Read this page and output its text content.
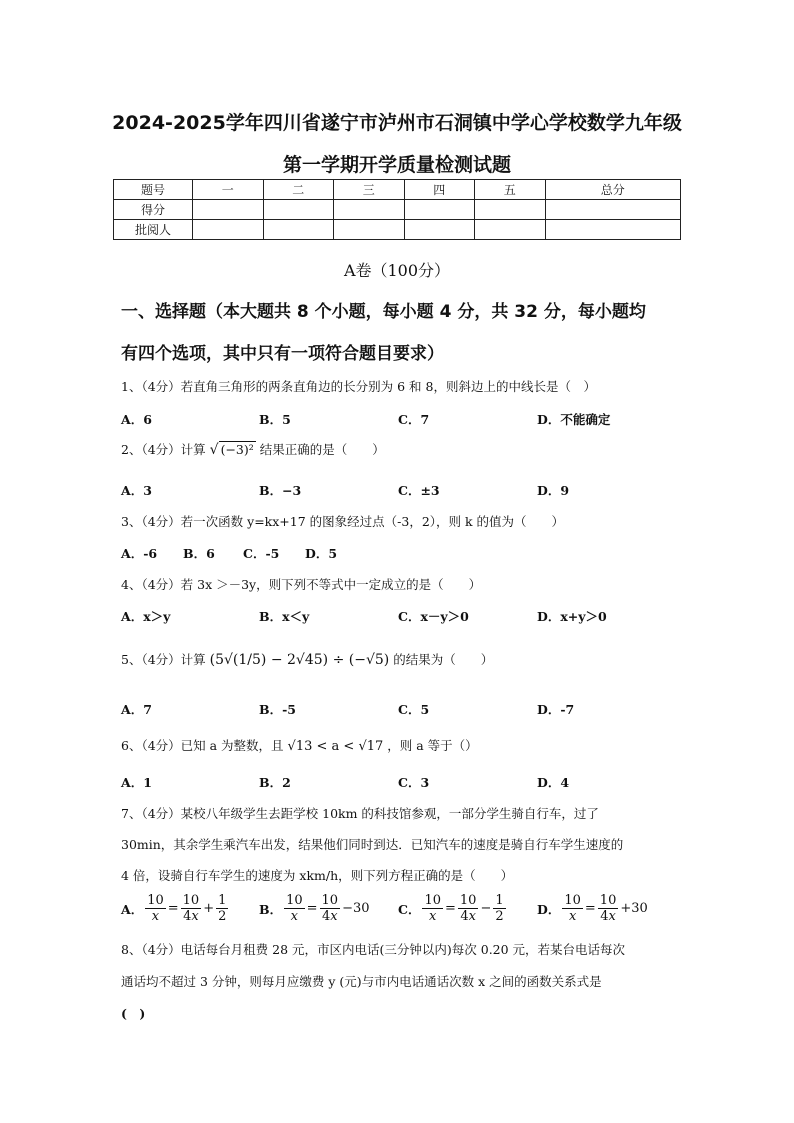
2024-2025学年四川省遂宁市泸州市石洞镇中学心学校数学九年级
第一学期开学质量检测试题
题号	一	二	三	四	五	总分
得分						
批阅人						
A卷（100分）
一、选择题（本大题共 8 个小题，每小题 4 分，共 32 分，每小题均
有四个选项，其中只有一项符合题目要求）
1、（4分）若直角三角形的两条直角边的长分别为 6 和 8，则斜边上的中线长是（　）
A．6	B．5	C．7	D．不能确定
2、（4分）计算 √ (−3)² 结果正确的是（　　）
A．3	B．−3	C．±3	D．9
3、（4分）若一次函数 y=kx+17 的图象经过点（-3，2），则 k 的值为（　　）
A．-6 B．6 C．-5 D．5
4、（4分）若 3x ＞－3y，则下列不等式中一定成立的是（　　）
A．x＞y	B．x＜y	C．x－y＞0	D．x+y＞0
5、（4分）计算 (5√(1/5) − 2√45) ÷ (−√5) 的结果为（　　）
A．7	B．-5	C．5	D．-7
6、（4分）已知 a 为整数，且 √13 < a < √17 ，则 a 等于（）
A．1	B．2	C．3	D．4
7、（4分）某校八年级学生去距学校 10km 的科技馆参观，一部分学生骑自行车，过了
30min，其余学生乘汽车出发，结果他们同时到达．已知汽车的速度是骑自行车学生速度的
4 倍，设骑自行车学生的速度为 xkm/h，则下列方程正确的是（　　）
A． $\frac{10}{x} = \frac{10}{4x} + \frac{1}{2}$ B． $\frac{10}{x} = \frac{10}{4x} -30$ C． $\frac{10}{x} = \frac{10}{4x} - \frac{1}{2}$	D． $\frac{10}{x} = \frac{10}{4x} +30$
8、（4分）电话每台月租费 28 元，市区内电话(三分钟以内)每次 0.20 元，若某台电话每次
通话均不超过 3 分钟，则每月应缴费 y (元)与市内电话通话次数 x 之间的函数关系式是
(　)
